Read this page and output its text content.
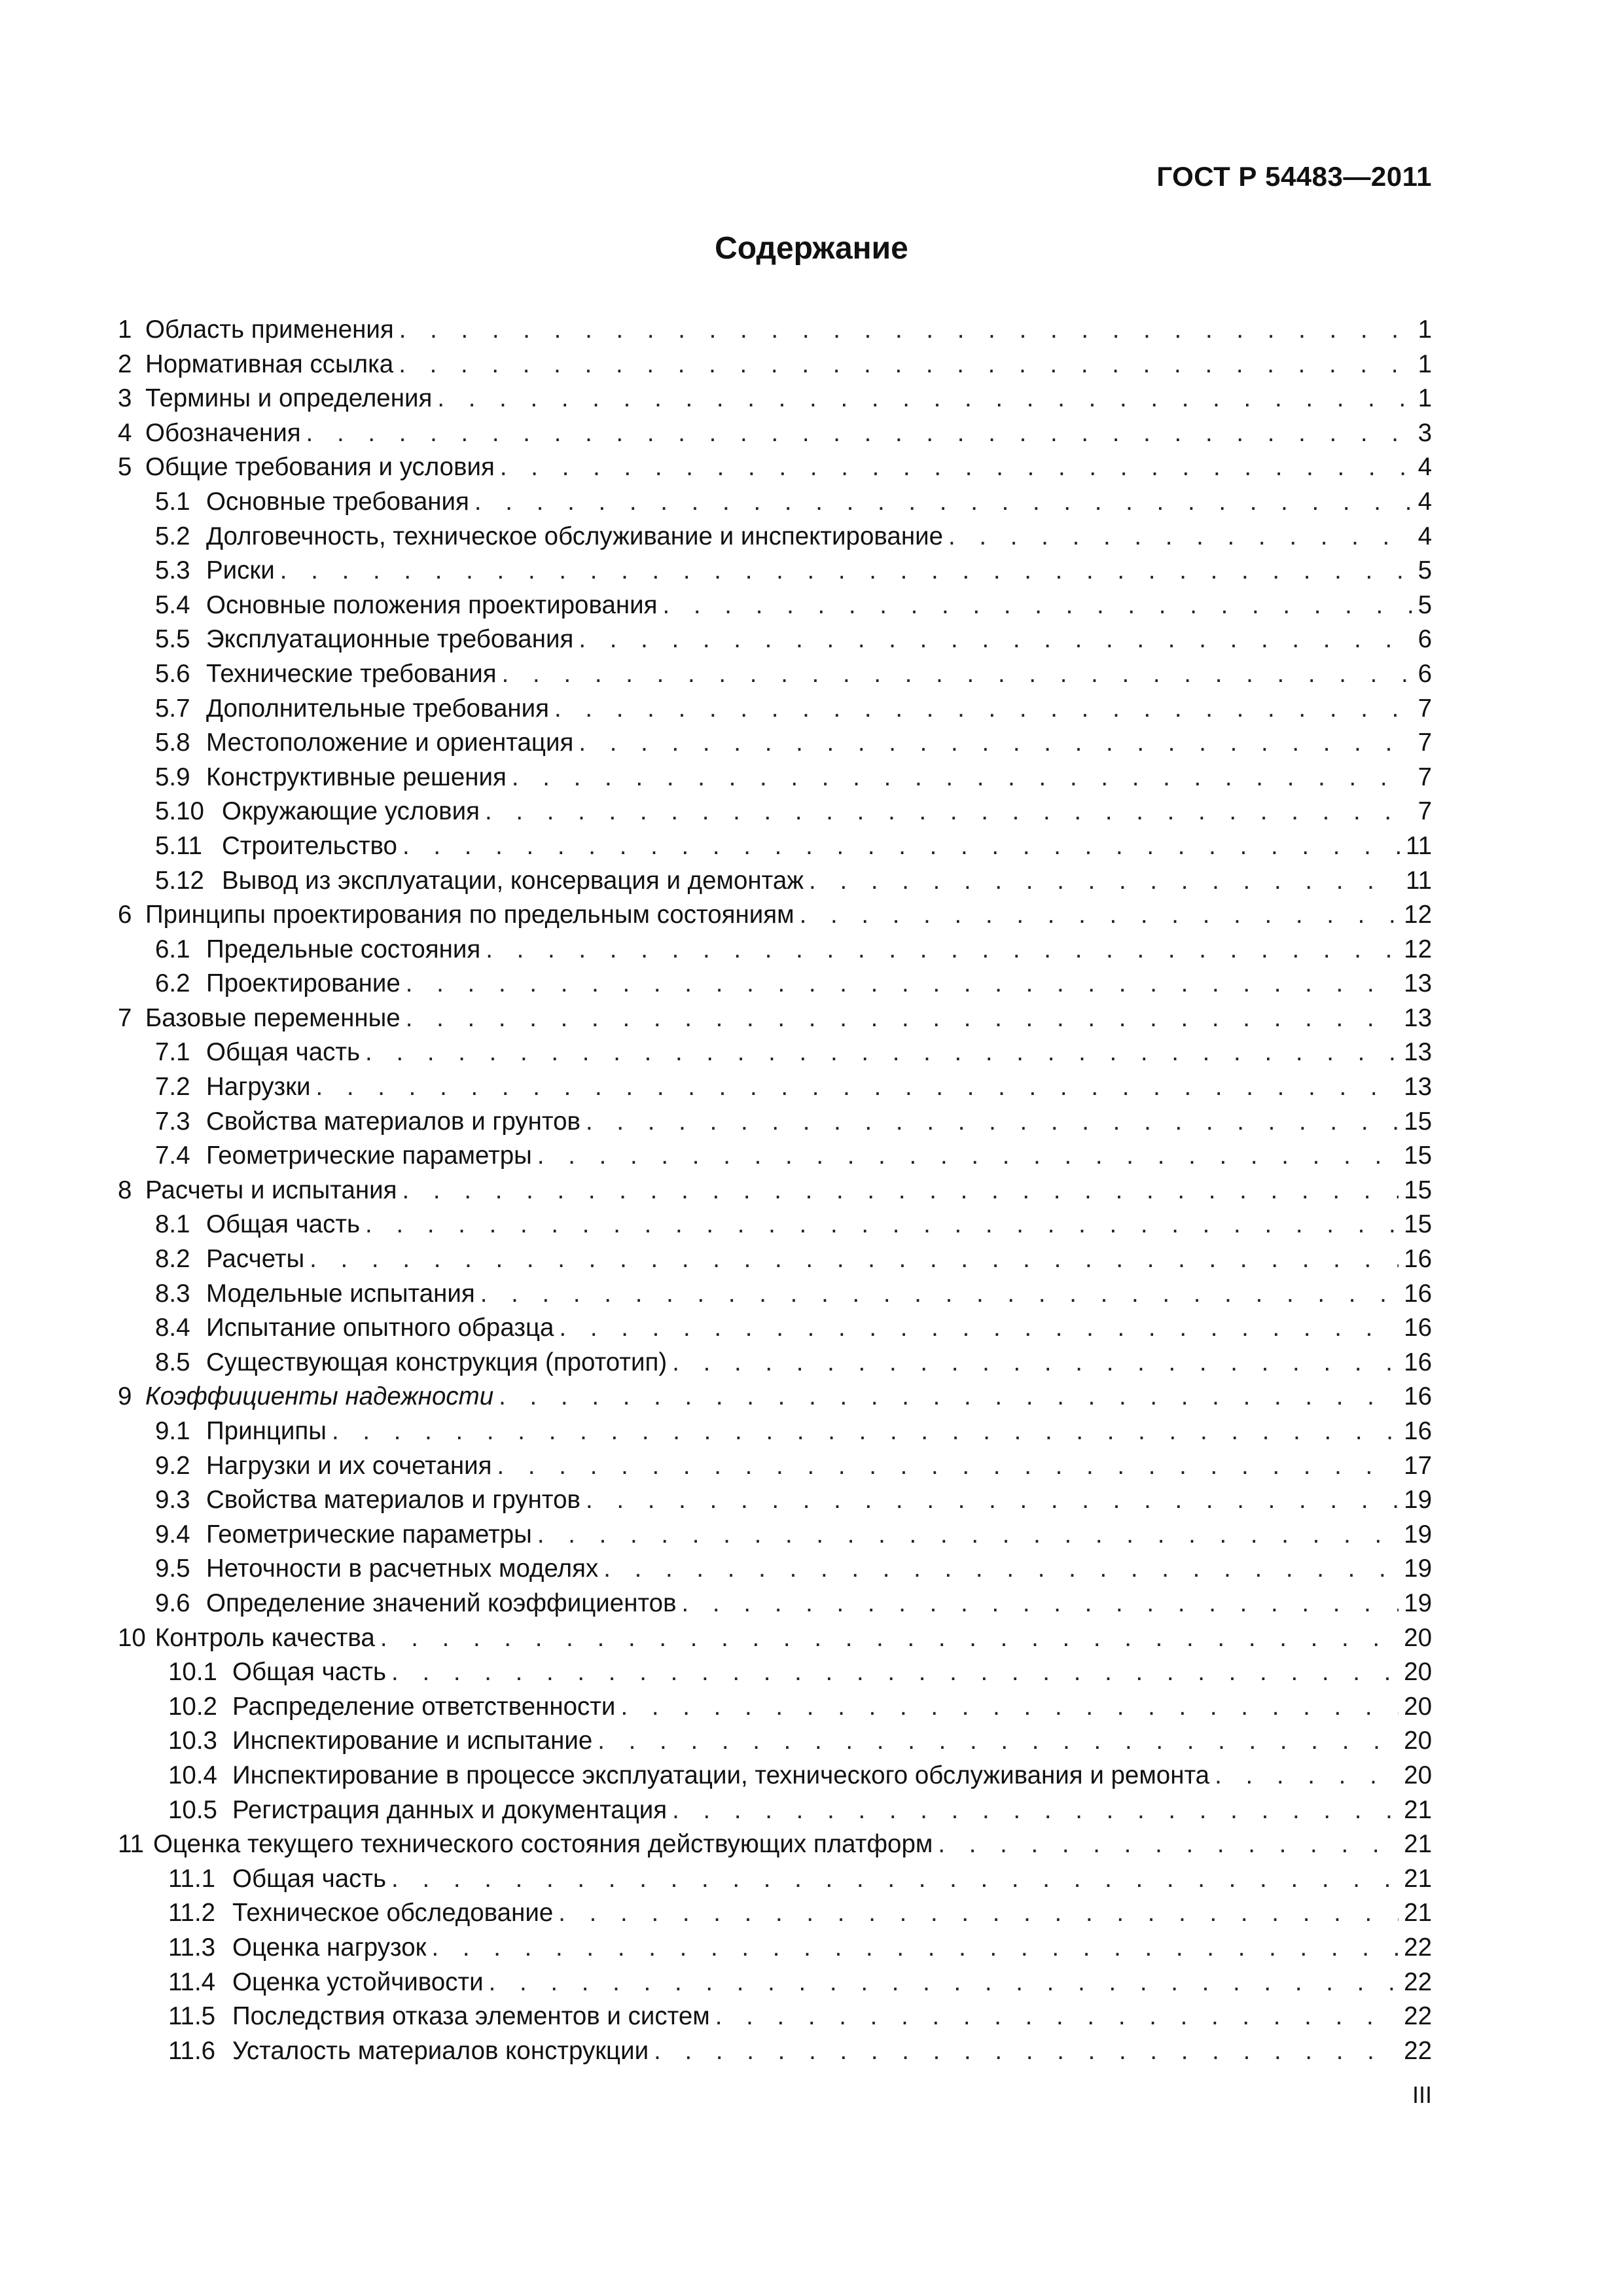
ГОСТ Р 54483—2011
Содержание
1 Область применения . . .	1
2 Нормативная ссылка . . .	1
3 Термины и определения . . .	1
4 Обозначения . . .	3
5 Общие требования и условия . . .	4
5.1 Основные требования . . .	4
5.2 Долговечность, техническое обслуживание и инспектирование . . .	4
5.3 Риски . . .	5
5.4 Основные положения проектирования . . .	5
5.5 Эксплуатационные требования . . .	6
5.6 Технические требования . . .	6
5.7 Дополнительные требования . . .	7
5.8 Местоположение и ориентация . . .	7
5.9 Конструктивные решения . . .	7
5.10 Окружающие условия . . .	7
5.11 Строительство . . .	11
5.12 Вывод из эксплуатации, консервация и демонтаж . . .	11
6 Принципы проектирования по предельным состояниям . . .	12
6.1 Предельные состояния . . .	12
6.2 Проектирование . . .	13
7 Базовые переменные . . .	13
7.1 Общая часть . . .	13
7.2 Нагрузки . . .	13
7.3 Свойства материалов и грунтов . . .	15
7.4 Геометрические параметры . . .	15
8 Расчеты и испытания . . .	15
8.1 Общая часть . . .	15
8.2 Расчеты . . .	16
8.3 Модельные испытания . . .	16
8.4 Испытание опытного образца . . .	16
8.5 Существующая конструкция (прототип) . . .	16
9 Коэффициенты надежности . . .	16
9.1 Принципы . . .	16
9.2 Нагрузки и их сочетания . . .	17
9.3 Свойства материалов и грунтов . . .	19
9.4 Геометрические параметры . . .	19
9.5 Неточности в расчетных моделях . . .	19
9.6 Определение значений коэффициентов . . .	19
10 Контроль качества . . .	20
10.1 Общая часть . . .	20
10.2 Распределение ответственности . . .	20
10.3 Инспектирование и испытание . . .	20
10.4 Инспектирование в процессе эксплуатации, технического обслуживания и ремонта . . .	20
10.5 Регистрация данных и документация . . .	21
11 Оценка текущего технического состояния действующих платформ . . .	21
11.1 Общая часть . . .	21
11.2 Техническое обследование . . .	21
11.3 Оценка нагрузок . . .	22
11.4 Оценка устойчивости . . .	22
11.5 Последствия отказа элементов и систем . . .	22
11.6 Усталость материалов конструкции . . .	22
III
